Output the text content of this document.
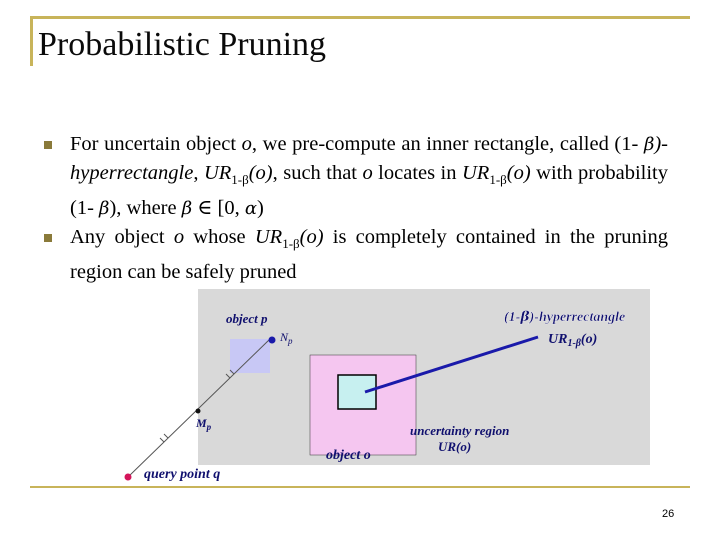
Probabilistic Pruning
For uncertain object o, we pre-compute an inner rectangle, called (1- β)-hyperrectangle, $UR_{1-\beta}(o)$, such that o locates in $UR_{1-\beta}(o)$ with probability (1- β), where β ∈ [0, α)
Any object o whose $UR_{1-\beta}(o)$ is completely contained in the pruning region can be safely pruned
object p
$N_p$
$M_p$
query point q
object o
uncertainty region
UR(o)
(1-β)-hyperrectangle
$UR_{1-\beta}(o)$
26
